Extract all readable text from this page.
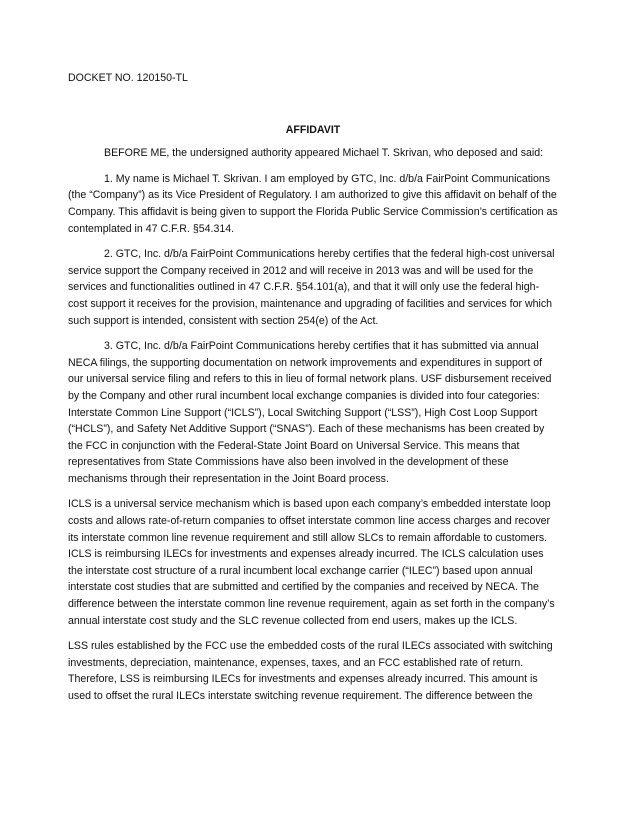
DOCKET NO. 120150-TL

AFFIDAVIT

BEFORE ME, the undersigned authority appeared Michael T. Skrivan, who deposed and said:

1. My name is Michael T. Skrivan. I am employed by GTC, Inc. d/b/a FairPoint Communications (the “Company”) as its Vice President of Regulatory. I am authorized to give this affidavit on behalf of the Company. This affidavit is being given to support the Florida Public Service Commission’s certification as contemplated in 47 C.F.R. §54.314.

2. GTC, Inc. d/b/a FairPoint Communications hereby certifies that the federal high-cost universal service support the Company received in 2012 and will receive in 2013 was and will be used for the services and functionalities outlined in 47 C.F.R. §54.101(a), and that it will only use the federal high-cost support it receives for the provision, maintenance and upgrading of facilities and services for which such support is intended, consistent with section 254(e) of the Act.

3. GTC, Inc. d/b/a FairPoint Communications hereby certifies that it has submitted via annual NECA filings, the supporting documentation on network improvements and expenditures in support of our universal service filing and refers to this in lieu of formal network plans. USF disbursement received by the Company and other rural incumbent local exchange companies is divided into four categories: Interstate Common Line Support (“ICLS”), Local Switching Support (“LSS”), High Cost Loop Support (“HCLS”), and Safety Net Additive Support (“SNAS”). Each of these mechanisms has been created by the FCC in conjunction with the Federal-State Joint Board on Universal Service. This means that representatives from State Commissions have also been involved in the development of these mechanisms through their representation in the Joint Board process.

ICLS is a universal service mechanism which is based upon each company’s embedded interstate loop costs and allows rate-of-return companies to offset interstate common line access charges and recover its interstate common line revenue requirement and still allow SLCs to remain affordable to customers. ICLS is reimbursing ILECs for investments and expenses already incurred. The ICLS calculation uses the interstate cost structure of a rural incumbent local exchange carrier (“ILEC”) based upon annual interstate cost studies that are submitted and certified by the companies and received by NECA. The difference between the interstate common line revenue requirement, again as set forth in the company’s annual interstate cost study and the SLC revenue collected from end users, makes up the ICLS.

LSS rules established by the FCC use the embedded costs of the rural ILECs associated with switching investments, depreciation, maintenance, expenses, taxes, and an FCC established rate of return. Therefore, LSS is reimbursing ILECs for investments and expenses already incurred. This amount is used to offset the rural ILECs interstate switching revenue requirement. The difference between the
